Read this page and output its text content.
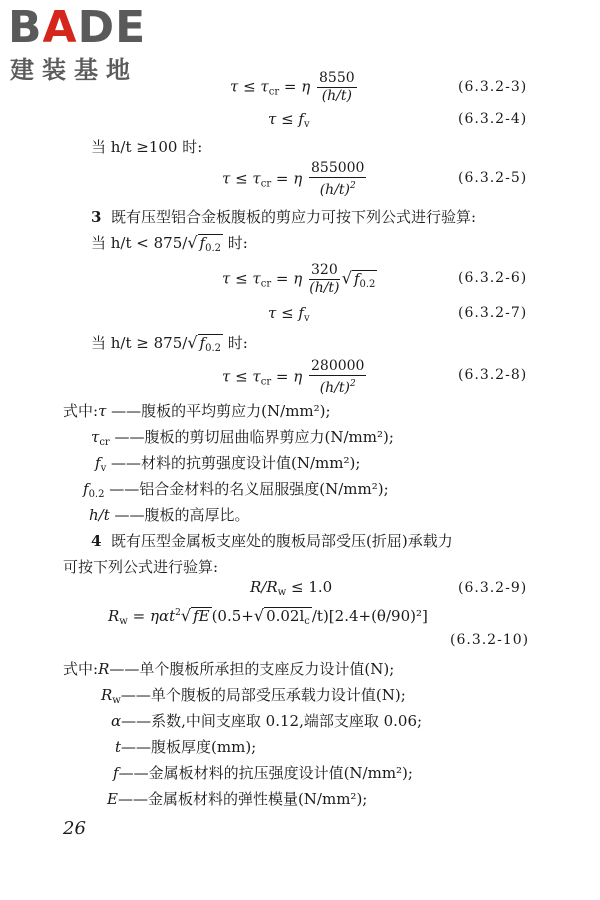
BADE
建装基地
$\tau \le \tau_{cr} = \eta \frac{8550}{(h/t)}$	(6.3.2-3)
$\tau \le f_v$	(6.3.2-4)
当 h/t ≥100 时:
$\tau \le \tau_{cr} = \eta \frac{855000}{(h/t)^2}$	(6.3.2-5)
3 既有压型铝合金板腹板的剪应力可按下列公式进行验算:
当 h/t < 875/√ $f_{0.2}$ 时:
$\tau \le \tau_{cr} = \eta \frac{320}{(h/t)}$ √ $f_{0.2}$	(6.3.2-6)
$\tau \le f_v$	(6.3.2-7)
当 h/t ≥ 875/√ $f_{0.2}$ 时:
$\tau \le \tau_{cr} = \eta \frac{280000}{(h/t)^2}$	(6.3.2-8)
式中:τ ——腹板的平均剪应力(N/mm²);
$\tau_{cr}$ ——腹板的剪切屈曲临界剪应力(N/mm²);
$f_v$ ——材料的抗剪强度设计值(N/mm²);
$f_{0.2}$ ——铝合金材料的名义屈服强度(N/mm²);
h/t ——腹板的高厚比。
4 既有压型金属板支座处的腹板局部受压(折屈)承载力
可按下列公式进行验算:
$R/R_w \le 1.0$	(6.3.2-9)
$R_w = \eta\alpha t^2√$ fE (0.5+√ $0.02l_c$ /t)[2.4+(θ/90)²]
(6.3.2-10)
式中:R——单个腹板所承担的支座反力设计值(N);
$R_w——$单个腹板的局部受压承载力设计值(N);
α——系数,中间支座取 0.12,端部支座取 0.06;
t——腹板厚度(mm);
f——金属板材料的抗压强度设计值(N/mm²);
E——金属板材料的弹性模量(N/mm²);
26
